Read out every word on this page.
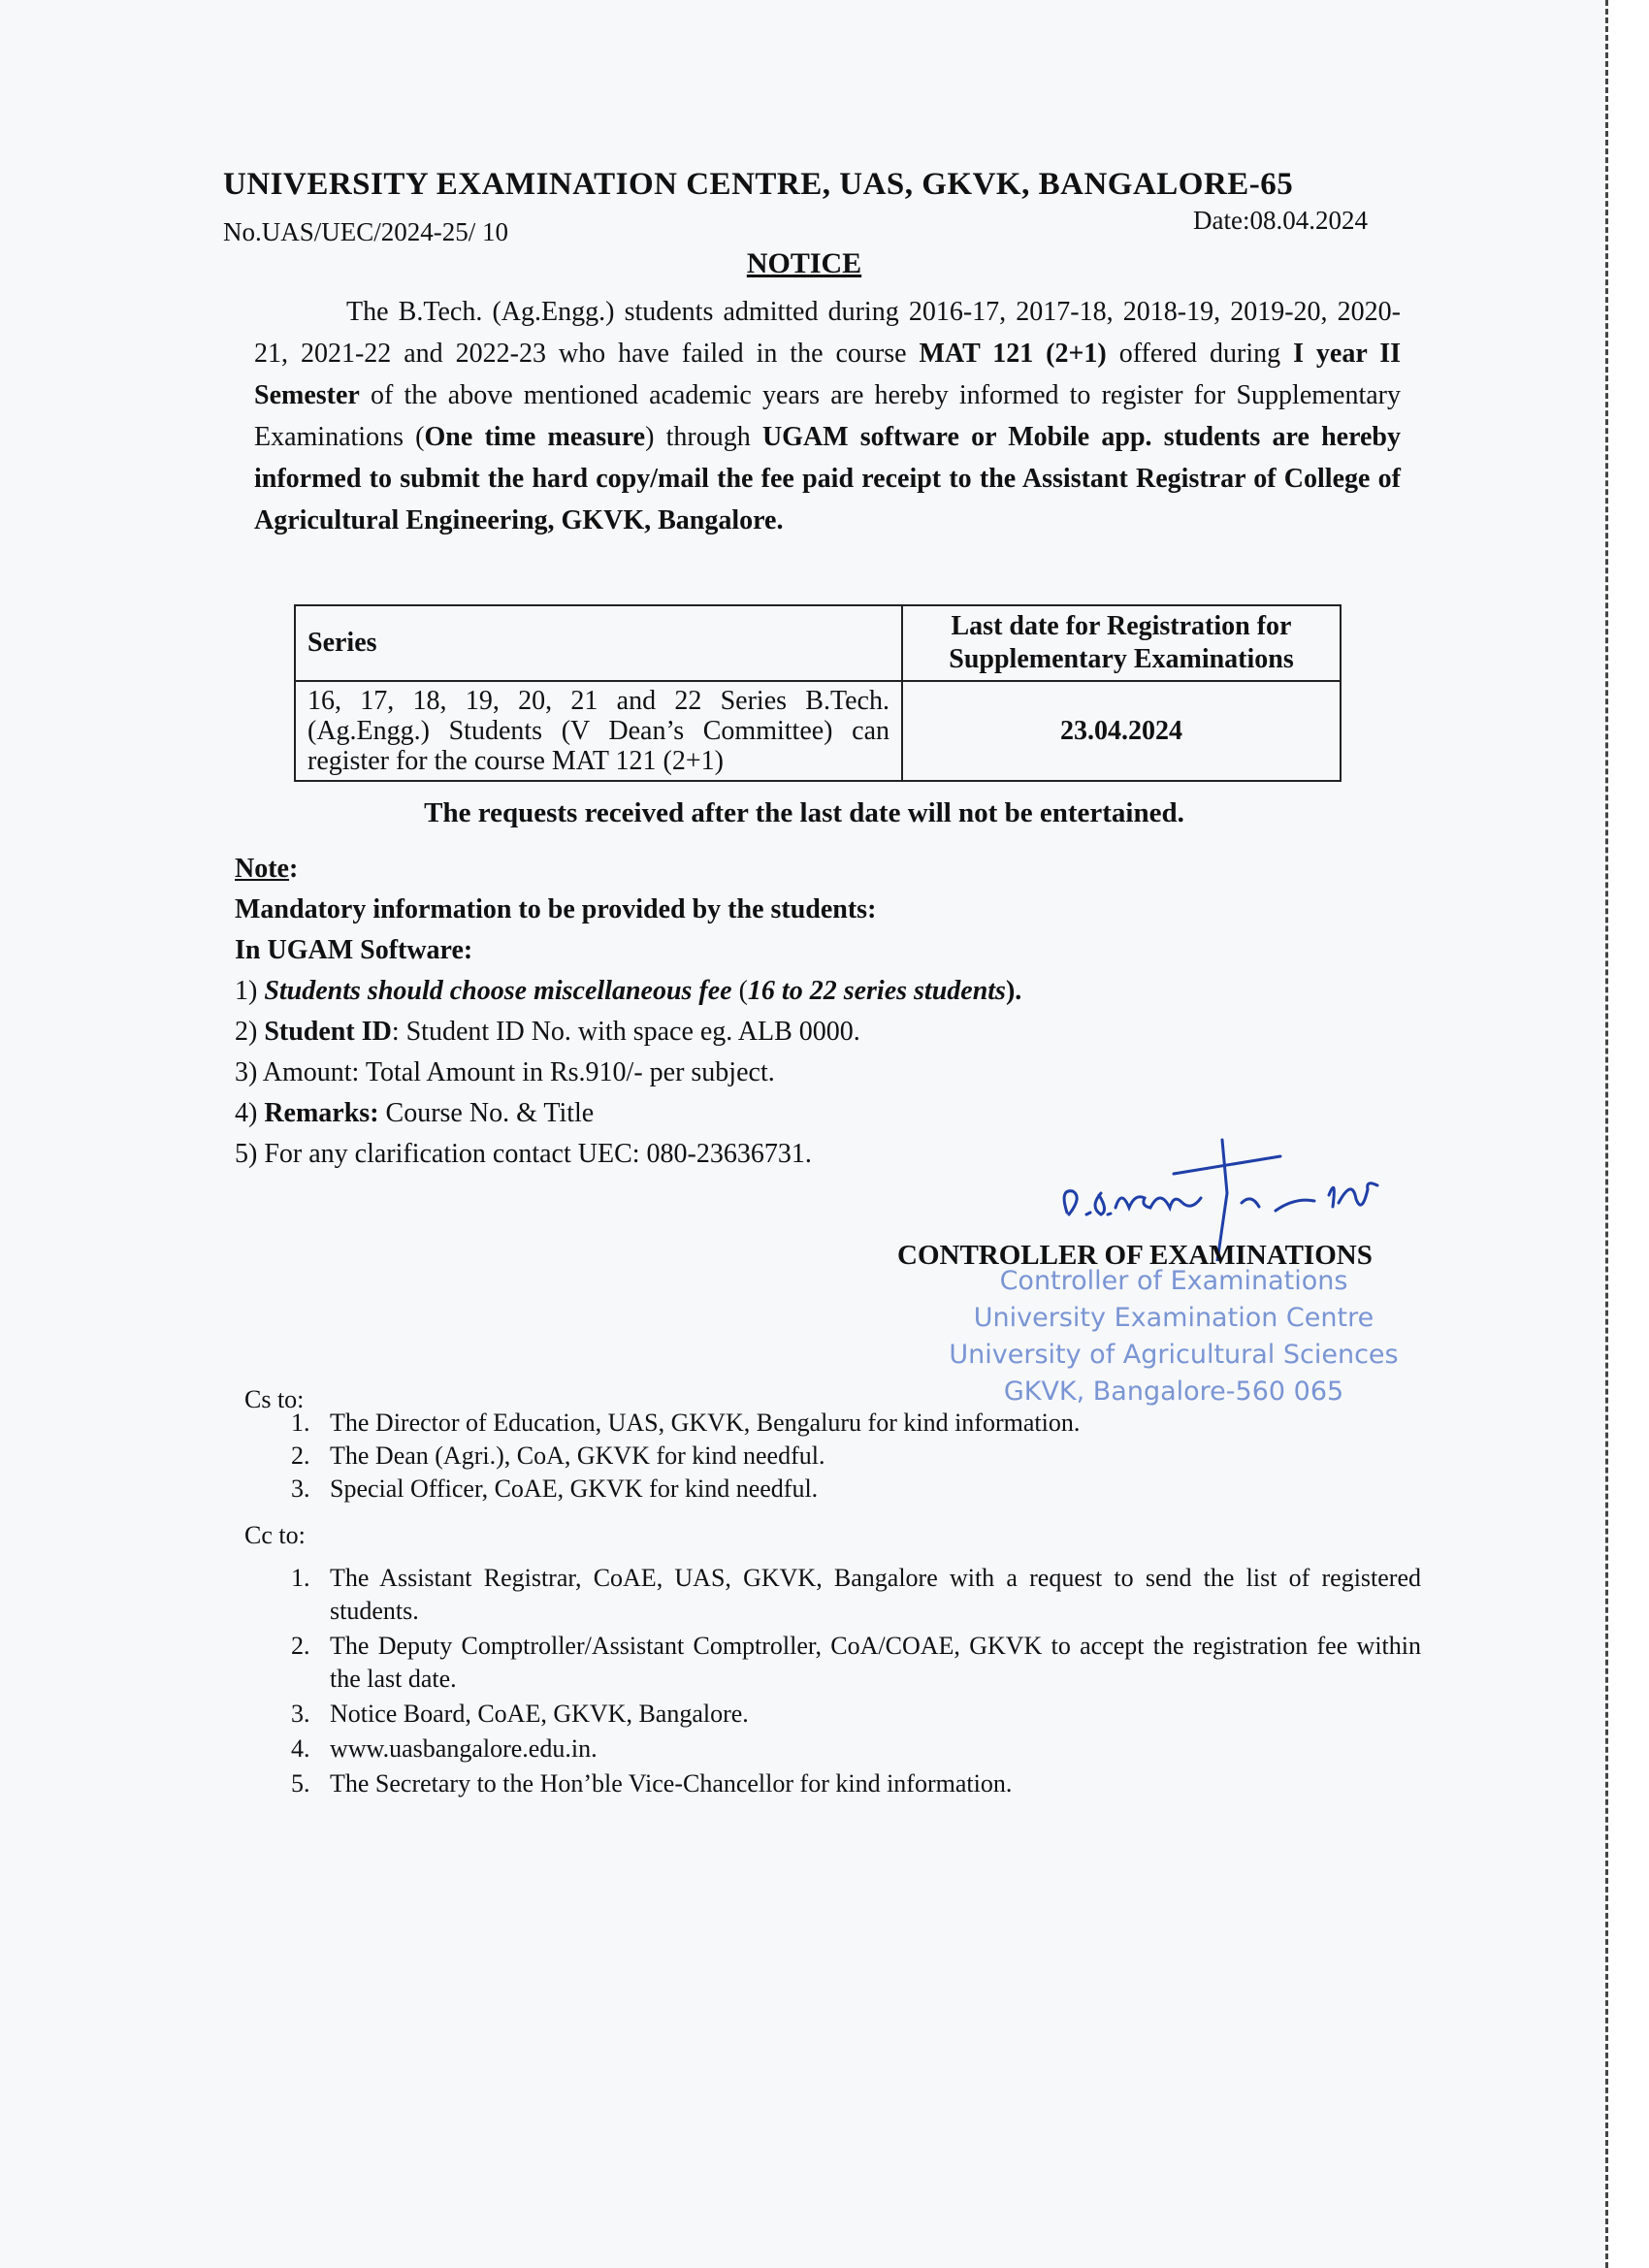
UNIVERSITY EXAMINATION CENTRE, UAS, GKVK, BANGALORE-65
No.UAS/UEC/2024-25/ 10	Date:08.04.2024
NOTICE
The B.Tech. (Ag.Engg.) students admitted during 2016-17, 2017-18, 2018-19, 2019-20, 2020-21, 2021-22 and 2022-23 who have failed in the course MAT 121 (2+1) offered during I year II Semester of the above mentioned academic years are hereby informed to register for Supplementary Examinations (One time measure) through UGAM software or Mobile app. students are hereby informed to submit the hard copy/mail the fee paid receipt to the Assistant Registrar of College of Agricultural Engineering, GKVK, Bangalore.
Series	Last date for Registration for Supplementary Examinations
16, 17, 18, 19, 20, 21 and 22 Series B.Tech. (Ag.Engg.) Students (V Dean’s Committee) can register for the course MAT 121 (2+1)	23.04.2024
The requests received after the last date will not be entertained.
Note:
Mandatory information to be provided by the students:
In UGAM Software:
1) Students should choose miscellaneous fee (16 to 22 series students).
2) Student ID: Student ID No. with space eg. ALB 0000.
3) Amount: Total Amount in Rs.910/- per subject.
4) Remarks: Course No. & Title
5) For any clarification contact UEC: 080-23636731.
CONTROLLER OF EXAMINATIONS
Controller of Examinations
University Examination Centre
University of Agricultural Sciences
GKVK, Bangalore-560 065
Cs to:
1. The Director of Education, UAS, GKVK, Bengaluru for kind information.
2. The Dean (Agri.), CoA, GKVK for kind needful.
3. Special Officer, CoAE, GKVK for kind needful.
Cc to:
1. The Assistant Registrar, CoAE, UAS, GKVK, Bangalore with a request to send the list of registered students.
2. The Deputy Comptroller/Assistant Comptroller, CoA/COAE, GKVK to accept the registration fee within the last date.
3. Notice Board, CoAE, GKVK, Bangalore.
4. www.uasbangalore.edu.in.
5. The Secretary to the Hon’ble Vice-Chancellor for kind information.
